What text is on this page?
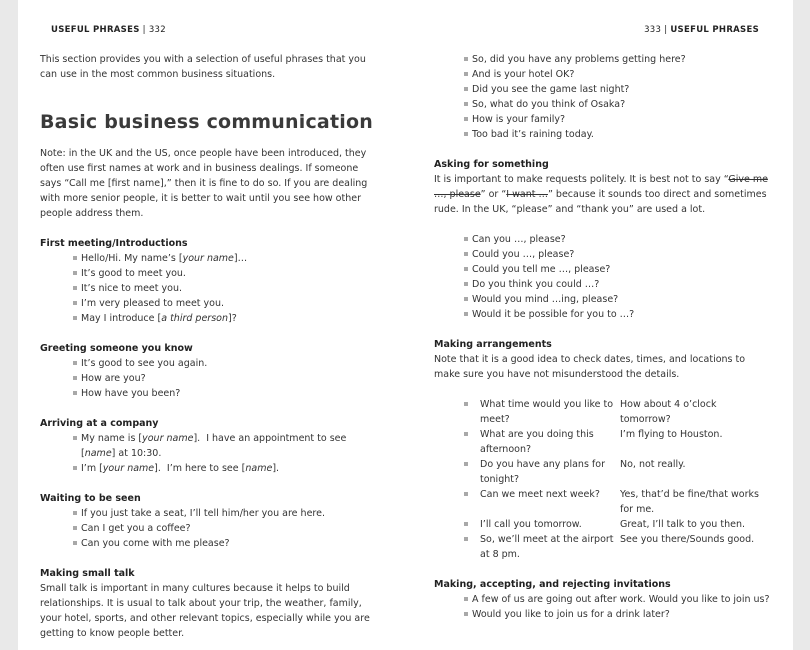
USEFUL PHRASES | 332	333 | USEFUL PHRASES

This section provides you with a selection of useful phrases that you can use in the most common business situations.

Basic business communication

Note: in the UK and the US, once people have been introduced, they often use first names at work and in business dealings. If someone says “Call me [first name],” then it is fine to do so. If you are dealing with more senior people, it is better to wait until you see how other people address them.

First meeting/Introductions
Hello/Hi. My name’s [your name]…
It’s good to meet you.
It’s nice to meet you.
I’m very pleased to meet you.
May I introduce [a third person]?
Greeting someone you know
It’s good to see you again.
How are you?
How have you been?
Arriving at a company
My name is [your name].  I have an appointment to see [name] at 10:30.
I’m [your name].  I’m here to see [name].
Waiting to be seen
If you just take a seat, I’ll tell him/her you are here.
Can I get you a coffee?
Can you come with me please?
Making small talk

Small talk is important in many cultures because it helps to build relationships. It is usual to talk about your trip, the weather, family, your hotel, sports, and other relevant topics, especially while you are getting to know people better.

So, did you have any problems getting here?
And is your hotel OK?
Did you see the game last night?
So, what do you think of Osaka?
How is your family?
Too bad it’s raining today.
Asking for something

It is important to make requests politely. It is best not to say “Give me …, please” or “I want …” because it sounds too direct and sometimes rude. In the UK, “please” and “thank you” are used a lot.

Can you …, please?
Could you …, please?
Could you tell me …, please?
Do you think you could …?
Would you mind …ing, please?
Would it be possible for you to …?
Making arrangements

Note that it is a good idea to check dates, times, and locations to make sure you have not misunderstood the details.

What time would you like to meet?	How about 4 o’clock tomorrow?
What are you doing this afternoon?	I’m flying to Houston.
Do you have any plans for tonight?	No, not really.
Can we meet next week?	Yes, that’d be fine/that works for me.
I’ll call you tomorrow.	Great, I’ll talk to you then.
So, we’ll meet at the airport at 8 pm.	See you there/Sounds good.
Making, accepting, and rejecting invitations
A few of us are going out after work. Would you like to join us?
Would you like to join us for a drink later?
